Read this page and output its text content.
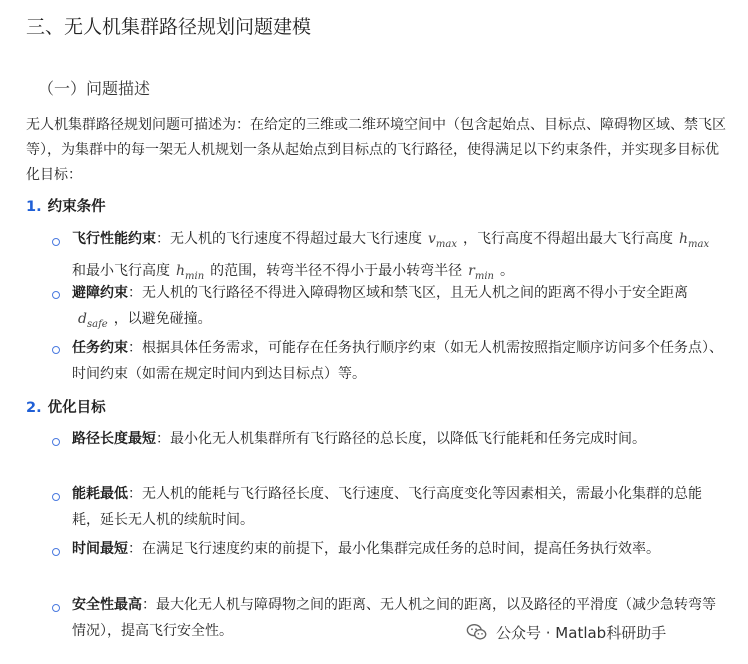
三、无人机集群路径规划问题建模
（一）问题描述
无人机集群路径规划问题可描述为：在给定的三维或二维环境空间中（包含起始点、目标点、障碍物区域、禁飞区等），为集群中的每一架无人机规划一条从起始点到目标点的飞行路径，使得满足以下约束条件，并实现多目标优化目标：
1. 约束条件
飞行性能约束：无人机的飞行速度不得超过最大飞行速度 $v_{max}$ ，飞行高度不得超出最大飞行高度 $h_{max}$和最小飞行高度 $h_{min}$ 的范围，转弯半径不得小于最小转弯半径 $r_{min}$ 。
避障约束：无人机的飞行路径不得进入障碍物区域和禁飞区，且无人机之间的距离不得小于安全距离$d_{safe}$ ，以避免碰撞。
任务约束：根据具体任务需求，可能存在任务执行顺序约束（如无人机需按照指定顺序访问多个任务点）、时间约束（如需在规定时间内到达目标点）等。
2. 优化目标
路径长度最短：最小化无人机集群所有飞行路径的总长度，以降低飞行能耗和任务完成时间。
能耗最低：无人机的能耗与飞行路径长度、飞行速度、飞行高度变化等因素相关，需最小化集群的总能耗，延长无人机的续航时间。
时间最短：在满足飞行速度约束的前提下，最小化集群完成任务的总时间，提高任务执行效率。
安全性最高：最大化无人机与障碍物之间的距离、无人机之间的距离，以及路径的平滑度（减少急转弯等情况），提高飞行安全性。	公众号 · Matlab科研助手
